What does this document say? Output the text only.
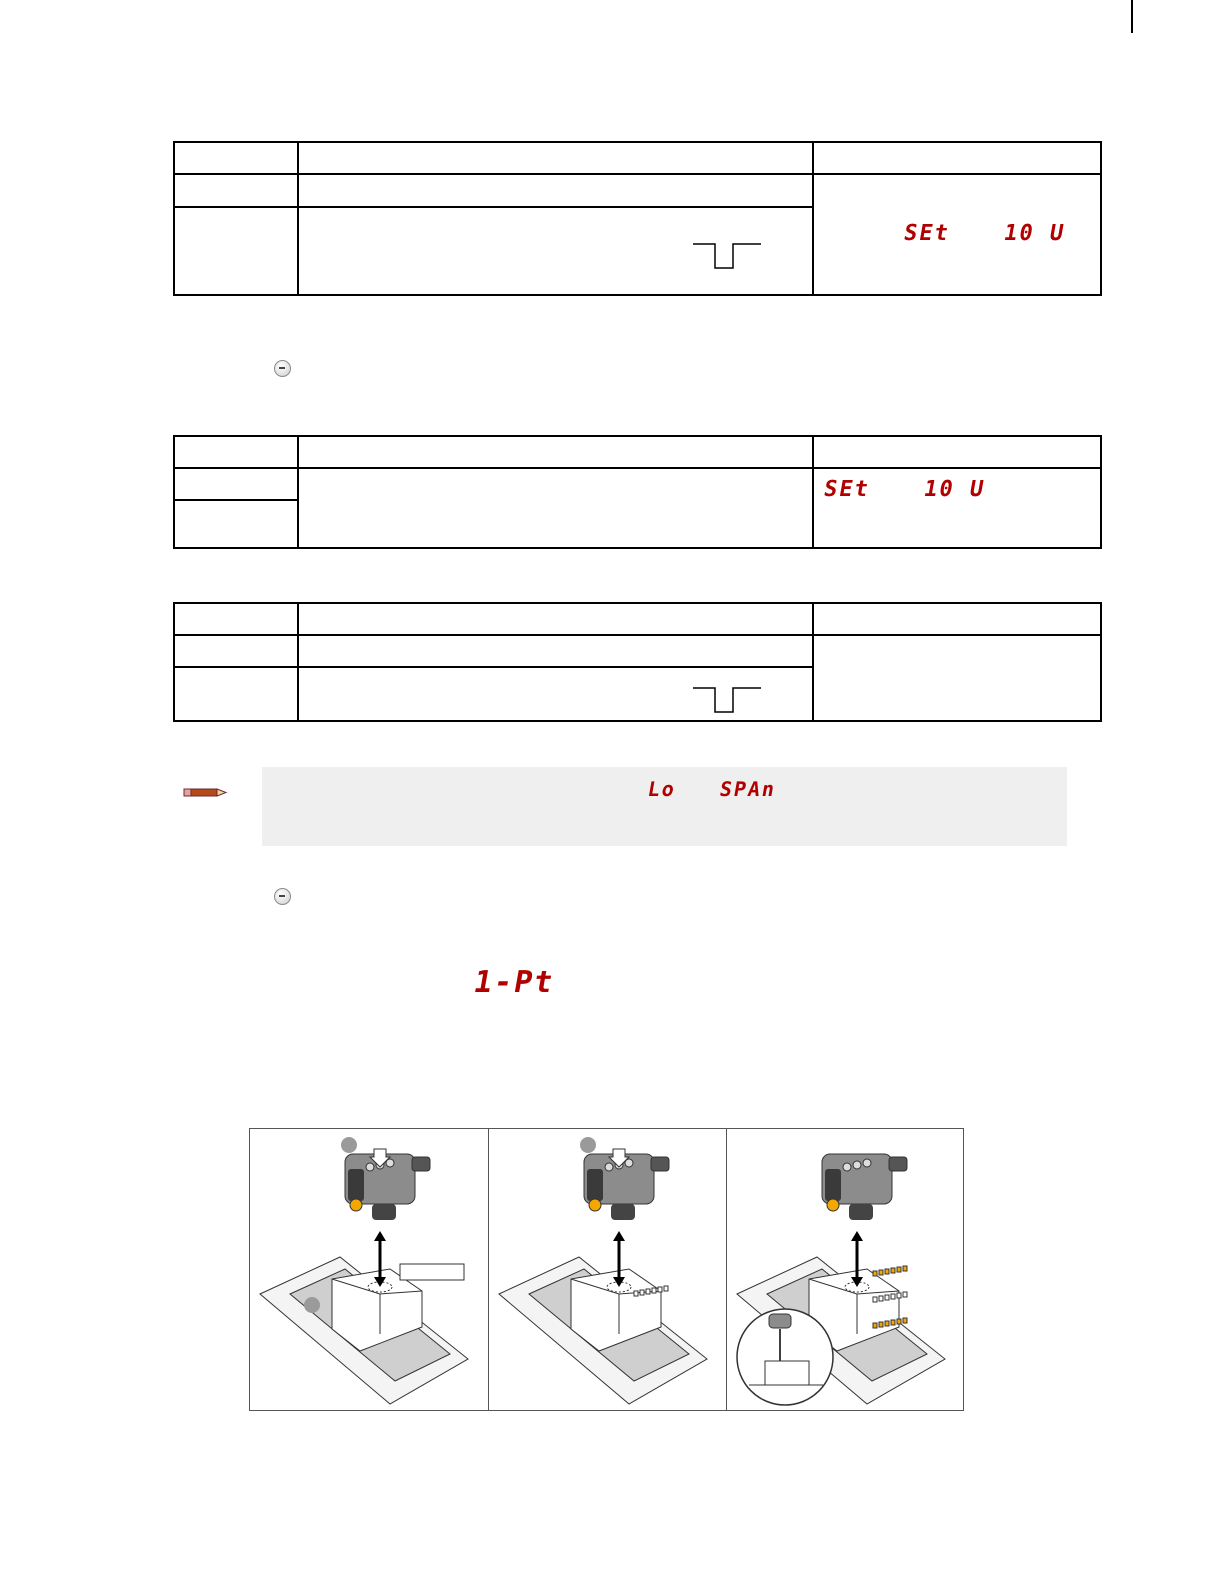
		SEt 10 U

		SEt 10 U

Lo SPAn
1-Pt
